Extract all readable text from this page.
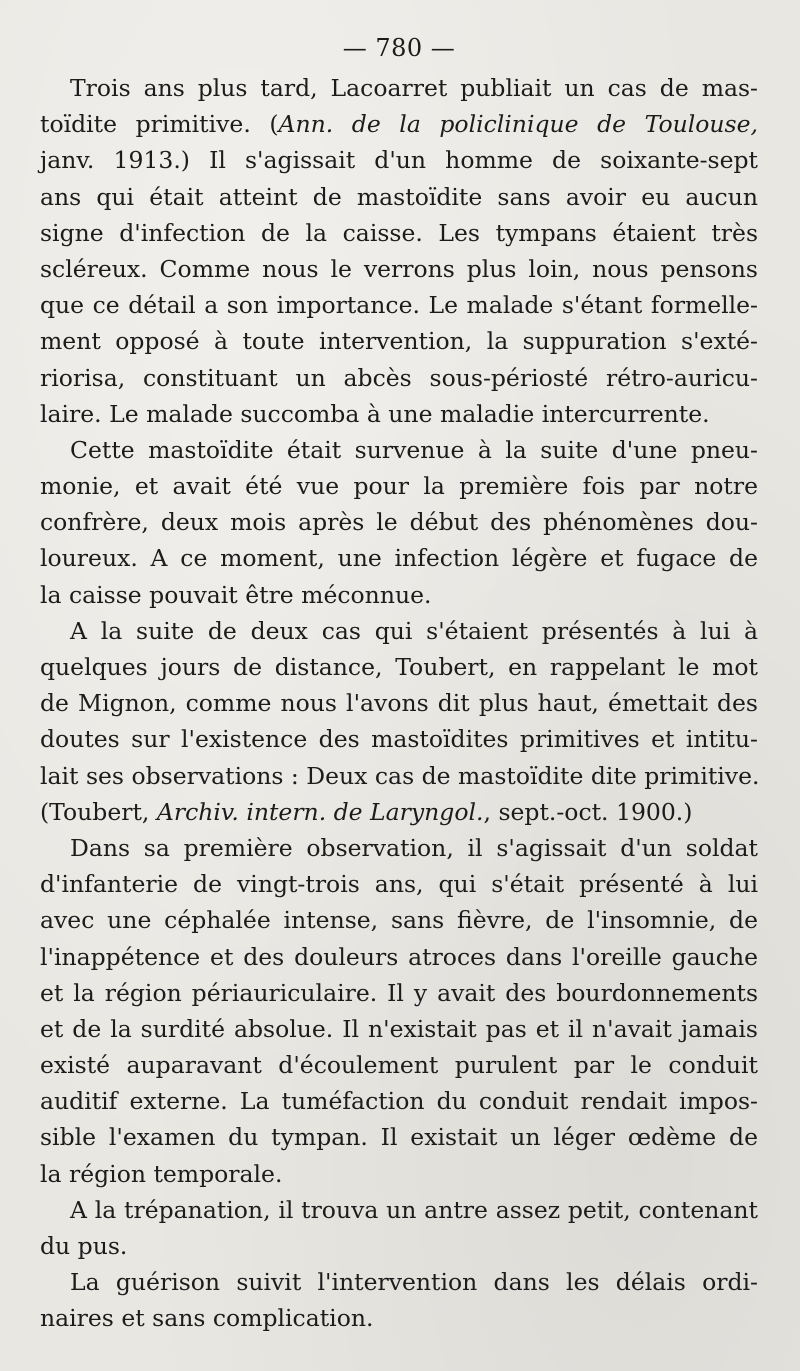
— 780 —
Trois ans plus tard, Lacoarret publiait un cas de mas-
toïdite primitive. (Ann. de la policlinique de Toulouse,
janv. 1913.) Il s'agissait d'un homme de soixante-sept
ans qui était atteint de mastoïdite sans avoir eu aucun
signe d'infection de la caisse. Les tympans étaient très
scléreux. Comme nous le verrons plus loin, nous pensons
que ce détail a son importance. Le malade s'étant formelle-
ment opposé à toute intervention, la suppuration s'exté-
riorisa, constituant un abcès sous-périosté rétro-auricu-
laire. Le malade succomba à une maladie intercurrente.
Cette mastoïdite était survenue à la suite d'une pneu-
monie, et avait été vue pour la première fois par notre
confrère, deux mois après le début des phénomènes dou-
loureux. A ce moment, une infection légère et fugace de
la caisse pouvait être méconnue.
A la suite de deux cas qui s'étaient présentés à lui à
quelques jours de distance, Toubert, en rappelant le mot
de Mignon, comme nous l'avons dit plus haut, émettait des
doutes sur l'existence des mastoïdites primitives et intitu-
lait ses observations : Deux cas de mastoïdite dite primitive.
(Toubert, Archiv. intern. de Laryngol., sept.-oct. 1900.)
Dans sa première observation, il s'agissait d'un soldat
d'infanterie de vingt-trois ans, qui s'était présenté à lui
avec une céphalée intense, sans fièvre, de l'insomnie, de
l'inappétence et des douleurs atroces dans l'oreille gauche
et la région périauriculaire. Il y avait des bourdonnements
et de la surdité absolue. Il n'existait pas et il n'avait jamais
existé auparavant d'écoulement purulent par le conduit
auditif externe. La tuméfaction du conduit rendait impos-
sible l'examen du tympan. Il existait un léger œdème de
la région temporale.
A la trépanation, il trouva un antre assez petit, contenant
du pus.
La guérison suivit l'intervention dans les délais ordi-
naires et sans complication.
